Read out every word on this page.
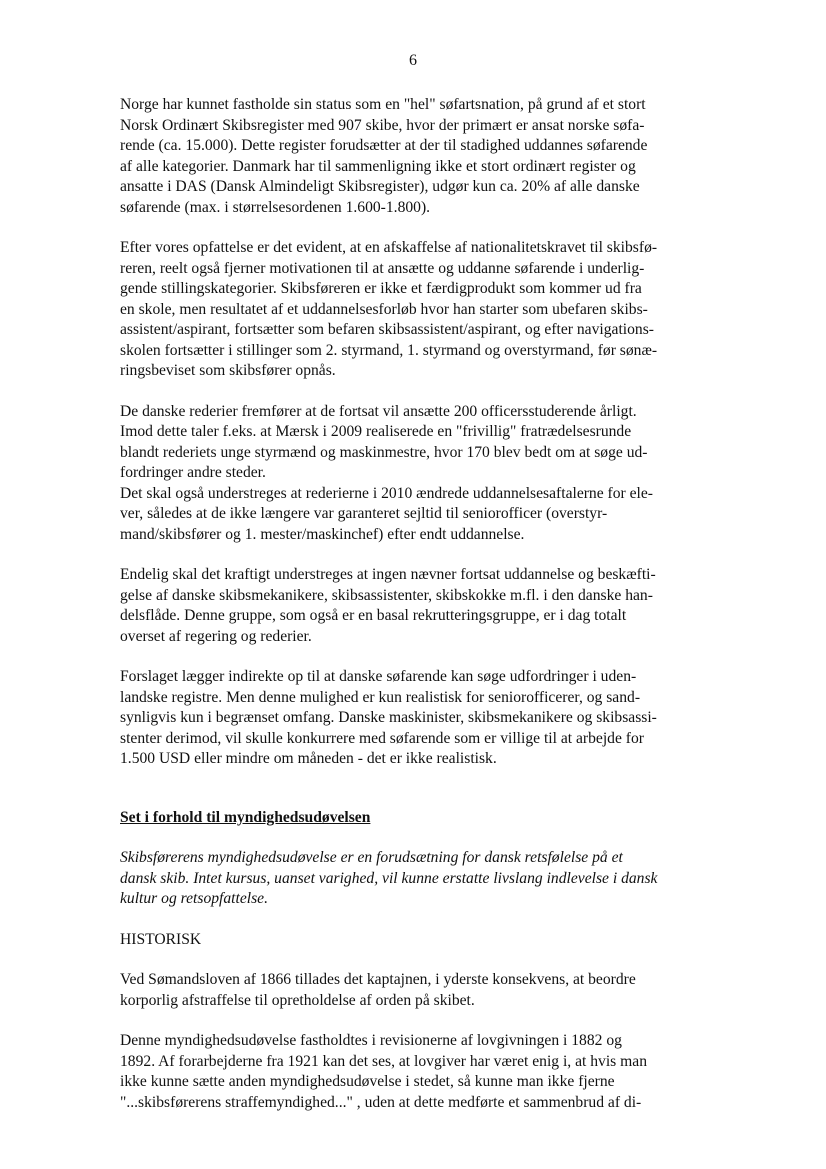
6

Norge har kunnet fastholde sin status som en "hel" søfartsnation, på grund af et stort
Norsk Ordinært Skibsregister med 907 skibe, hvor der primært er ansat norske søfa-
rende (ca. 15.000). Dette register forudsætter at der til stadighed uddannes søfarende
af alle kategorier. Danmark har til sammenligning ikke et stort ordinært register og
ansatte i DAS (Dansk Almindeligt Skibsregister), udgør kun ca. 20% af alle danske
søfarende (max. i størrelsesordenen 1.600-1.800).

Efter vores opfattelse er det evident, at en afskaffelse af nationalitetskravet til skibsfø-
reren, reelt også fjerner motivationen til at ansætte og uddanne søfarende i underlig-
gende stillingskategorier. Skibsføreren er ikke et færdigprodukt som kommer ud fra
en skole, men resultatet af et uddannelsesforløb hvor han starter som ubefaren skibs-
assistent/aspirant, fortsætter som befaren skibsassistent/aspirant, og efter navigations-
skolen fortsætter i stillinger som 2. styrmand, 1. styrmand og overstyrmand, før sønæ-
ringsbeviset som skibsfører opnås.

De danske rederier fremfører at de fortsat vil ansætte 200 officersstuderende årligt.
Imod dette taler f.eks. at Mærsk i 2009 realiserede en "frivillig" fratrædelsesrunde
blandt rederiets unge styrmænd og maskinmestre, hvor 170 blev bedt om at søge ud-
fordringer andre steder.
Det skal også understreges at rederierne i 2010 ændrede uddannelsesaftalerne for ele-
ver, således at de ikke længere var garanteret sejltid til seniorofficer (overstyr-
mand/skibsfører og 1. mester/maskinchef) efter endt uddannelse.

Endelig skal det kraftigt understreges at ingen nævner fortsat uddannelse og beskæfti-
gelse af danske skibsmekanikere, skibsassistenter, skibskokke m.fl. i den danske han-
delsflåde. Denne gruppe, som også er en basal rekrutteringsgruppe, er i dag totalt
overset af regering og rederier.

Forslaget lægger indirekte op til at danske søfarende kan søge udfordringer i uden-
landske registre. Men denne mulighed er kun realistisk for seniorofficerer, og sand-
synligvis kun i begrænset omfang. Danske maskinister, skibsmekanikere og skibsassi-
stenter derimod, vil skulle konkurrere med søfarende som er villige til at arbejde for
1.500 USD eller mindre om måneden - det er ikke realistisk.

Set i forhold til myndighedsudøvelsen

Skibsførerens myndighedsudøvelse er en forudsætning for dansk retsfølelse på et
dansk skib. Intet kursus, uanset varighed, vil kunne erstatte livslang indlevelse i dansk
kultur og retsopfattelse.

HISTORISK

Ved Sømandsloven af 1866 tillades det kaptajnen, i yderste konsekvens, at beordre
korporlig afstraffelse til opretholdelse af orden på skibet.

Denne myndighedsudøvelse fastholdtes i revisionerne af lovgivningen i 1882 og
1892. Af forarbejderne fra 1921 kan det ses, at lovgiver har været enig i, at hvis man
ikke kunne sætte anden myndighedsudøvelse i stedet, så kunne man ikke fjerne
"...skibsførerens straffemyndighed..." , uden at dette medførte et sammenbrud af di-
